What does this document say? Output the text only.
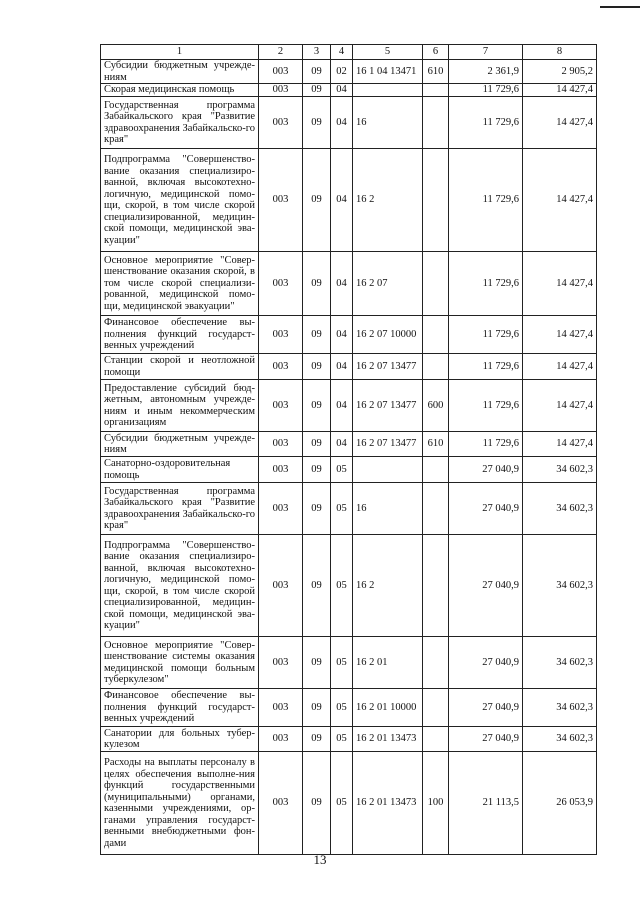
1	2	3	4	5	6	7	8
Субсидии бюджетным учрежде-ниям	003	09	02	16 1 04 13471	610	2 361,9	2 905,2
Скорая медицинская помощь	003	09	04			11 729,6	14 427,4
Государственная программа Забайкальского края "Развитие здравоохранения Забайкальско-го края"	003	09	04	16		11 729,6	14 427,4
Подпрограмма "Совершенство-вание оказания специализиро-ванной, включая высокотехно-логичную, медицинской помо-щи, скорой, в том числе скорой специализированной, медицин-ской помощи, медицинской эва-куации"	003	09	04	16 2		11 729,6	14 427,4
Основное мероприятие "Совер-шенствование оказания скорой, в том числе скорой специализи-рованной, медицинской помо-щи, медицинской эвакуации"	003	09	04	16 2 07		11 729,6	14 427,4
Финансовое обеспечение вы-полнения функций государст-венных учреждений	003	09	04	16 2 07 10000		11 729,6	14 427,4
Станции скорой и неотложной помощи	003	09	04	16 2 07 13477		11 729,6	14 427,4
Предоставление субсидий бюд-жетным, автономным учрежде-ниям и иным некоммерческим организациям	003	09	04	16 2 07 13477	600	11 729,6	14 427,4
Субсидии бюджетным учрежде-ниям	003	09	04	16 2 07 13477	610	11 729,6	14 427,4
Санаторно-оздоровительная помощь	003	09	05			27 040,9	34 602,3
Государственная программа Забайкальского края "Развитие здравоохранения Забайкальско-го края"	003	09	05	16		27 040,9	34 602,3
Подпрограмма "Совершенство-вание оказания специализиро-ванной, включая высокотехно-логичную, медицинской помо-щи, скорой, в том числе скорой специализированной, медицин-ской помощи, медицинской эва-куации"	003	09	05	16 2		27 040,9	34 602,3
Основное мероприятие "Совер-шенствование системы оказания медицинской помощи больным туберкулезом"	003	09	05	16 2 01		27 040,9	34 602,3
Финансовое обеспечение вы-полнения функций государст-венных учреждений	003	09	05	16 2 01 10000		27 040,9	34 602,3
Санатории для больных тубер-кулезом	003	09	05	16 2 01 13473		27 040,9	34 602,3
Расходы на выплаты персоналу в целях обеспечения выполне-ния функций государственными (муниципальными) органами, казенными учреждениями, ор-ганами управления государст-венными внебюджетными фон-дами	003	09	05	16 2 01 13473	100	21 113,5	26 053,9
13
